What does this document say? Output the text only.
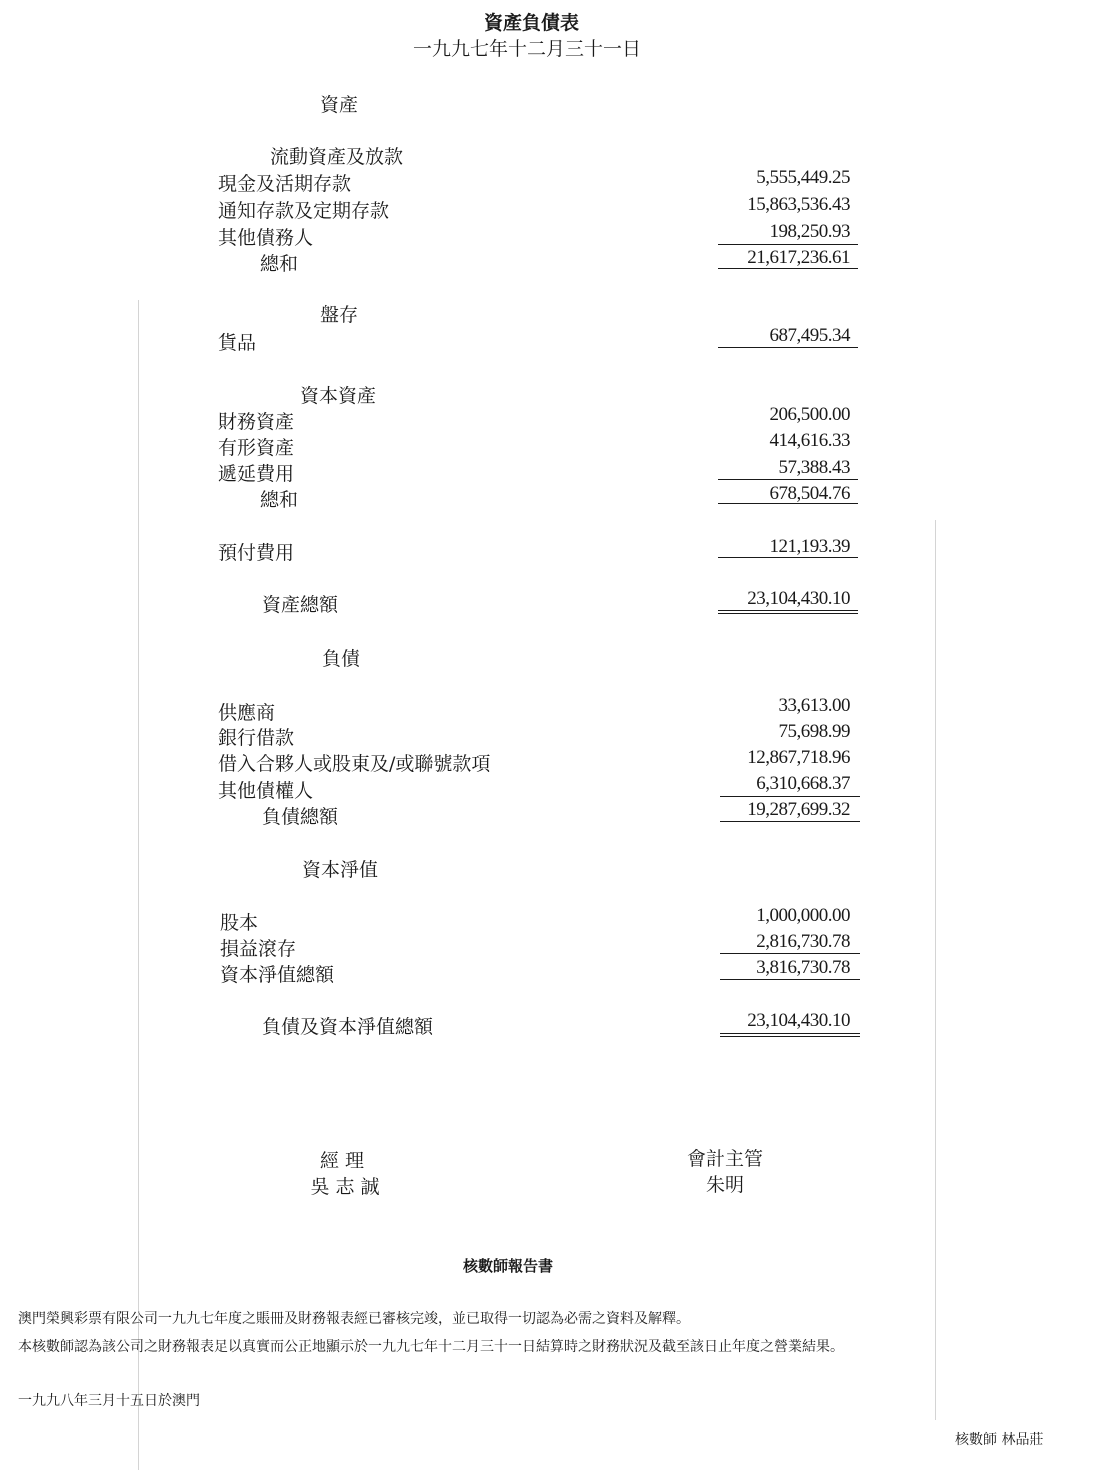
資產負債表
一九九七年十二月三十一日
資產
流動資產及放款
現金及活期存款	5,555,449.25
通知存款及定期存款	15,863,536.43
其他債務人	198,250.93
總和	21,617,236.61
盤存
貨品	687,495.34
資本資產
財務資產	206,500.00
有形資產	414,616.33
遞延費用	57,388.43
總和	678,504.76
預付費用	121,193.39
資產總額	23,104,430.10
負債
供應商	33,613.00
銀行借款	75,698.99
借入合夥人或股東及/或聯號款項	12,867,718.96
其他債權人	6,310,668.37
負債總額	19,287,699.32
資本淨值
股本	1,000,000.00
損益滾存	2,816,730.78
資本淨值總額	3,816,730.78
負債及資本淨值總額	23,104,430.10
經 理
吳 志 誠
會計主管
朱明
核數師報告書
澳門榮興彩票有限公司一九九七年度之賬冊及財務報表經已審核完竣，並已取得一切認為必需之資料及解釋。
本核數師認為該公司之財務報表足以真實而公正地顯示於一九九七年十二月三十一日結算時之財務狀況及截至該日止年度之營業結果。
一九九八年三月十五日於澳門
核數師 林品莊
